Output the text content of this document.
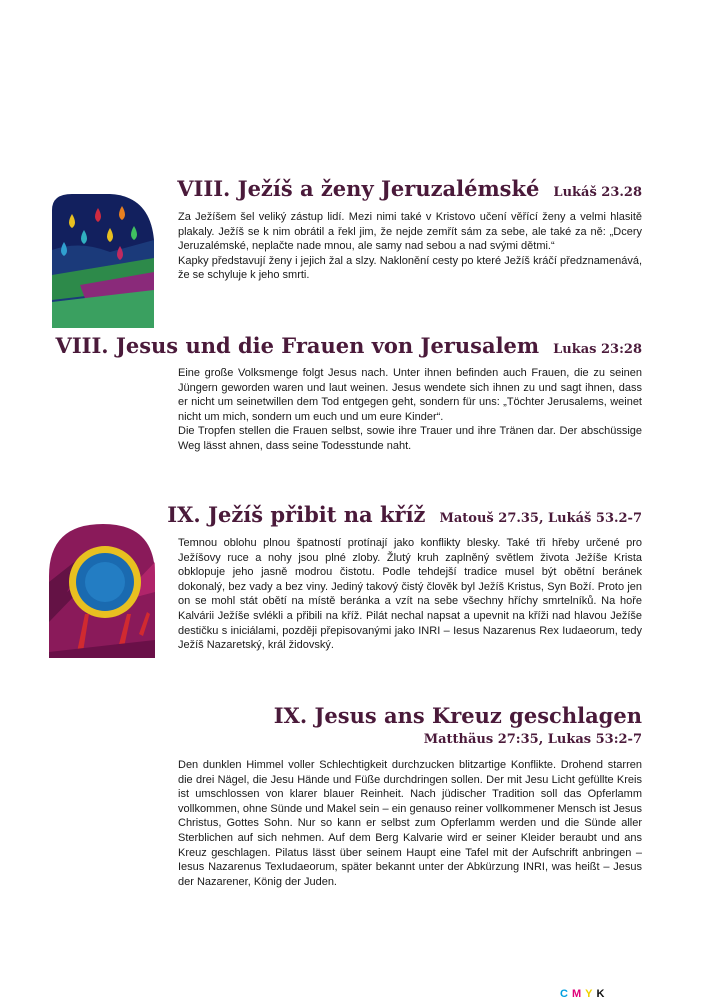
VIII. Ježíš a ženy Jeruzalémské Lukáš 23.28

Za Ježíšem šel veliký zástup lidí. Mezi nimi také v Kristovo učení věřící ženy a velmi hlasitě plakaly. Ježíš se k nim obrátil a řekl jim, že nejde zemřít sám za sebe, ale také za ně: „Dcery Jeruzalémské, neplačte nade mnou, ale samy nad sebou a nad svými dětmi.“

Kapky představují ženy i jejich žal a slzy. Naklonění cesty po které Ježíš kráčí předznamenává, že se schyluje k jeho smrti.

VIII. Jesus und die Frauen von Jerusalem Lukas 23:28

Eine große Volksmenge folgt Jesus nach. Unter ihnen befinden auch Frauen, die zu seinen Jüngern geworden waren und laut weinen. Jesus wendete sich ihnen zu und sagt ihnen, dass er nicht um seinetwillen dem Tod entgegen geht, sondern für uns: „Töchter Jerusalems, weinet nicht um mich, sondern um euch und um eure Kinder“.

Die Tropfen stellen die Frauen selbst, sowie ihre Trauer und ihre Tränen dar. Der abschüssige Weg lässt ahnen, dass seine Todesstunde naht.

IX. Ježíš přibit na kříž Matouš 27.35, Lukáš 53.2-7

Temnou oblohu plnou špatností protínají jako konflikty blesky. Také tři hřeby určené pro Ježíšovy ruce a nohy jsou plné zloby. Žlutý kruh zaplněný světlem života Ježíše Krista obklopuje jeho jasně modrou čistotu. Podle tehdejší tradice musel být obětní beránek dokonalý, bez vady a bez viny. Jediný takový čistý člověk byl Ježíš Kristus, Syn Boží. Proto jen on se mohl stát obětí na místě beránka a vzít na sebe všechny hříchy smrtelníků. Na hoře Kalvárii Ježíše svlékli a přibili na kříž. Pilát nechal napsat a upevnit na kříži nad hlavou Ježíše destičku s iniciálami, později přepisovanými jako INRI – Iesus Nazarenus Rex Iudaeorum, tedy Ježíš Nazaretský, král židovský.

IX. Jesus ans Kreuz geschlagen
Matthäus 27:35, Lukas 53:2-7

Den dunklen Himmel voller Schlechtigkeit durchzucken blitzartige Konflikte. Drohend starren die drei Nägel, die Jesu Hände und Füße durchdringen sollen. Der mit Jesu Licht gefüllte Kreis ist umschlossen von klarer blauer Reinheit. Nach jüdischer Tradition soll das Opferlamm vollkommen, ohne Sünde und Makel sein – ein genauso reiner vollkommener Mensch ist Jesus Christus, Gottes Sohn. Nur so kann er selbst zum Opferlamm werden und die Sünde aller Sterblichen auf sich nehmen. Auf dem Berg Kalvarie wird er seiner Kleider beraubt und ans Kreuz geschlagen. Pilatus lässt über seinem Haupt eine Tafel mit der Aufschrift anbringen – Iesus Nazarenus TexIudaeorum, später bekannt unter der Abkürzung INRI, was heißt – Jesus der Nazarener, König der Juden.

CMYK
